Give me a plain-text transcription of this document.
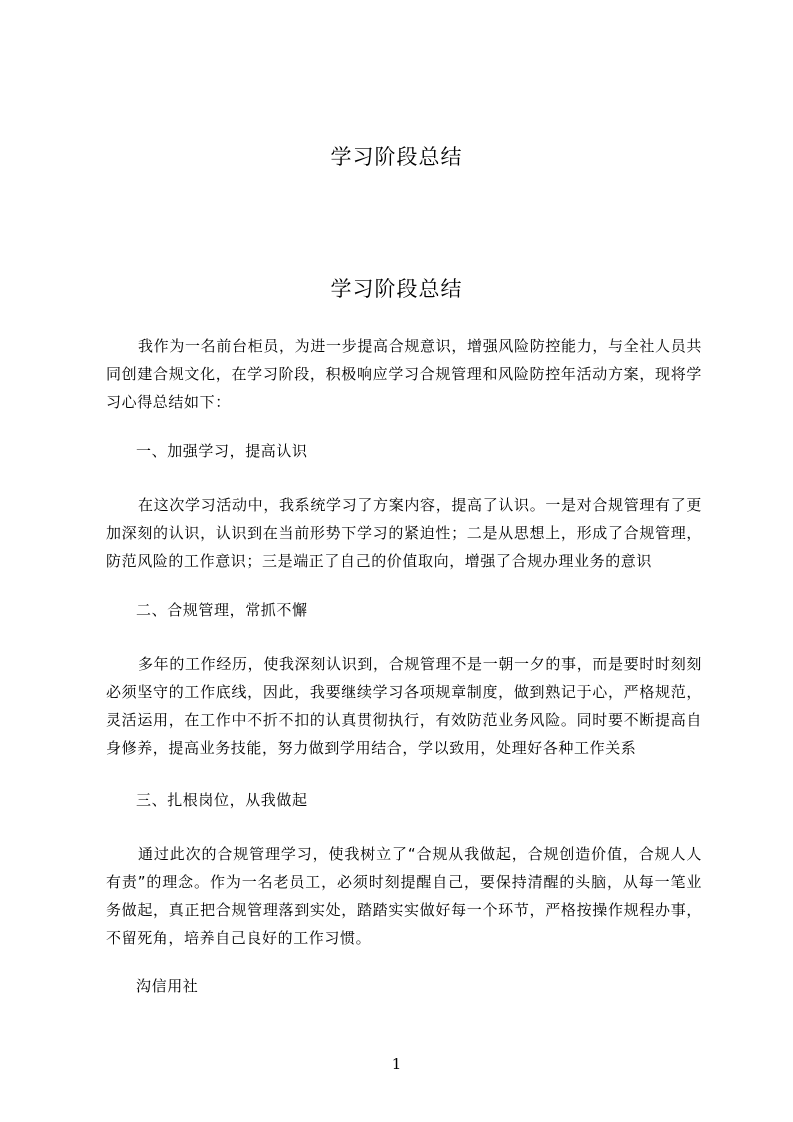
学习阶段总结
学习阶段总结

我作为一名前台柜员，为进一步提高合规意识，增强风险防控能力，与全社人员共同创建合规文化，在学习阶段，积极响应学习合规管理和风险防控年活动方案，现将学习心得总结如下：

一、加强学习，提高认识

在这次学习活动中，我系统学习了方案内容，提高了认识。一是对合规管理有了更加深刻的认识，认识到在当前形势下学习的紧迫性；二是从思想上，形成了合规管理，防范风险的工作意识；三是端正了自己的价值取向，增强了合规办理业务的意识

二、合规管理，常抓不懈

多年的工作经历，使我深刻认识到，合规管理不是一朝一夕的事，而是要时时刻刻必须坚守的工作底线，因此，我要继续学习各项规章制度，做到熟记于心，严格规范，灵活运用，在工作中不折不扣的认真贯彻执行，有效防范业务风险。同时要不断提高自身修养，提高业务技能，努力做到学用结合，学以致用，处理好各种工作关系

三、扎根岗位，从我做起

通过此次的合规管理学习，使我树立了“合规从我做起，合规创造价值，合规人人有责”的理念。作为一名老员工，必须时刻提醒自己，要保持清醒的头脑，从每一笔业务做起，真正把合规管理落到实处，踏踏实实做好每一个环节，严格按操作规程办事，不留死角，培养自己良好的工作习惯。

沟信用社

1
